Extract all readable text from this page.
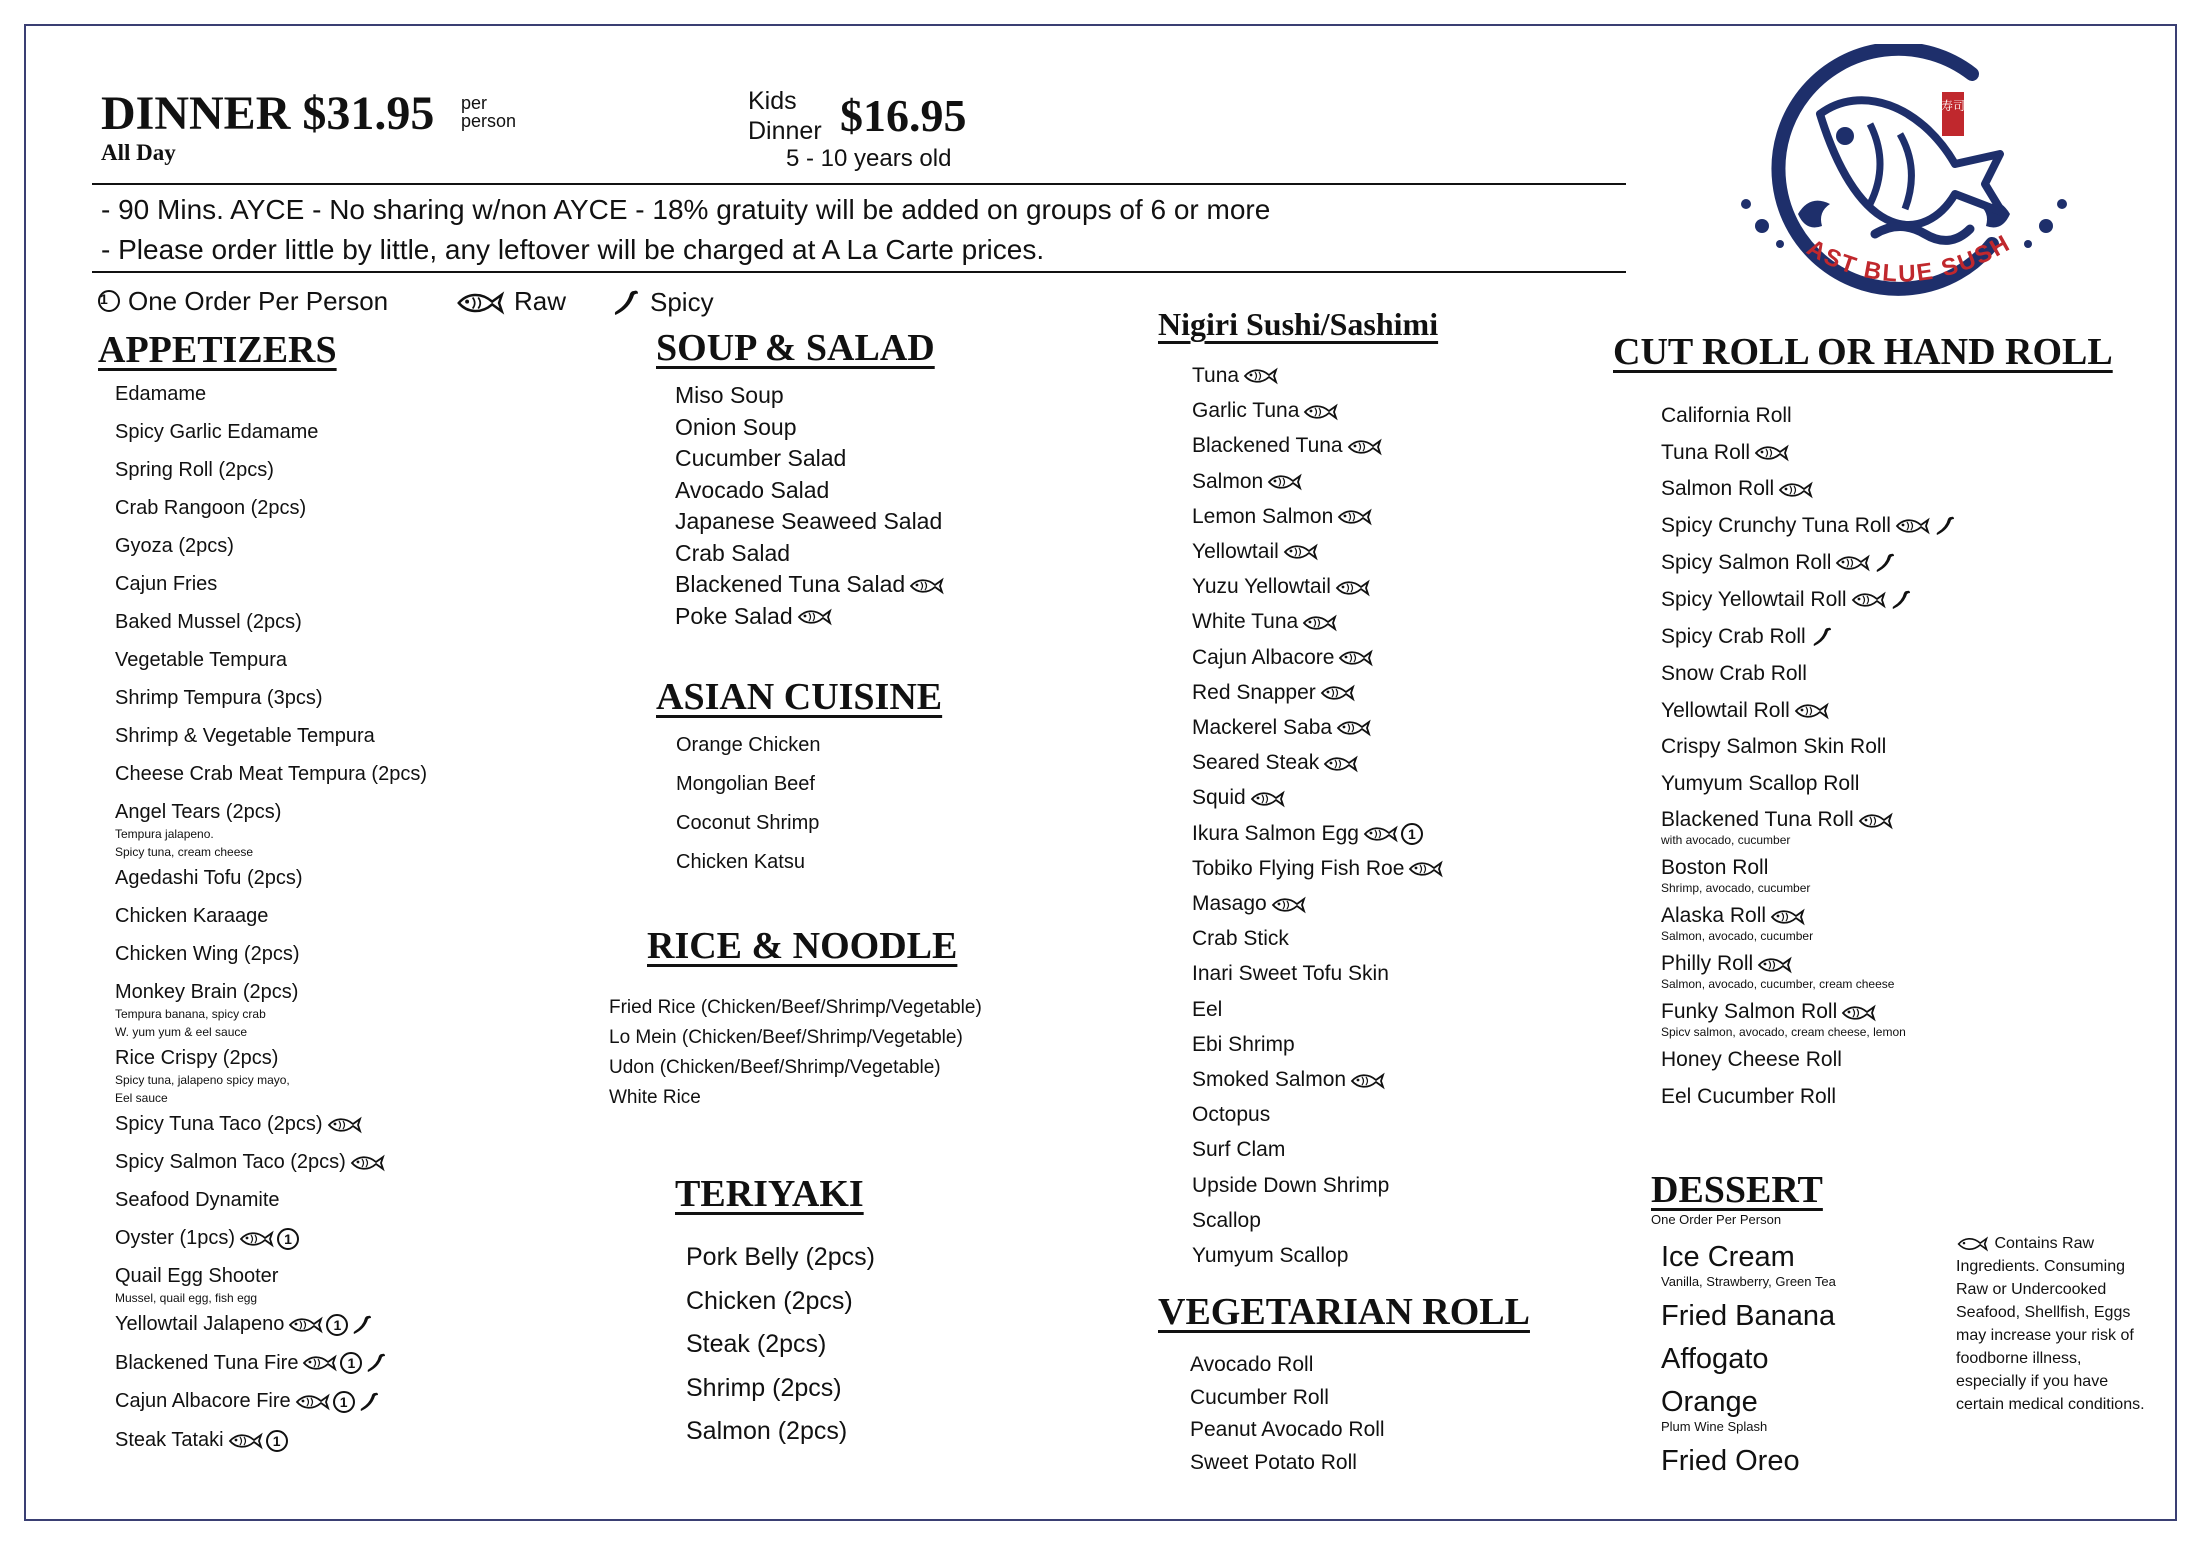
DINNER $31.95 per
person
All Day
Kids
Dinner $16.95
5 - 10 years old
- 90 Mins. AYCE - No sharing w/non AYCE - 18% gratuity will be added on groups of 6 or more
- Please order little by little, any leftover will be charged at A La Carte prices.
1 One Order Per Person	Raw	Spicy
寿司
AST BLUE SUSH
APPETIZERS
Edamame
Spicy Garlic Edamame
Spring Roll (2pcs)
Crab Rangoon (2pcs)
Gyoza (2pcs)
Cajun Fries
Baked Mussel (2pcs)
Vegetable Tempura
Shrimp Tempura (3pcs)
Shrimp & Vegetable Tempura
Cheese Crab Meat Tempura (2pcs)
Angel Tears (2pcs)
Tempura jalapeno.
Spicy tuna, cream cheese
Agedashi Tofu (2pcs)
Chicken Karaage
Chicken Wing (2pcs)
Monkey Brain (2pcs)
Tempura banana, spicy crab
W. yum yum & eel sauce
Rice Crispy (2pcs)
Spicy tuna, jalapeno spicy mayo,
Eel sauce
Spicy Tuna Taco (2pcs)
Spicy Salmon Taco (2pcs)
Seafood Dynamite
Oyster (1pcs)	1
Quail Egg Shooter
Mussel, quail egg, fish egg
Yellowtail Jalapeno	1
Blackened Tuna Fire	1
Cajun Albacore Fire	1
Steak Tataki	1
SOUP & SALAD
Miso Soup
Onion Soup
Cucumber Salad
Avocado Salad
Japanese Seaweed Salad
Crab Salad
Blackened Tuna Salad
Poke Salad
ASIAN CUISINE
Orange Chicken
Mongolian Beef
Coconut Shrimp
Chicken Katsu
RICE & NOODLE
Fried Rice (Chicken/Beef/Shrimp/Vegetable)
Lo Mein (Chicken/Beef/Shrimp/Vegetable)
Udon (Chicken/Beef/Shrimp/Vegetable)
White Rice
TERIYAKI
Pork Belly (2pcs)
Chicken (2pcs)
Steak (2pcs)
Shrimp (2pcs)
Salmon (2pcs)
Nigiri Sushi/Sashimi
Tuna
Garlic Tuna
Blackened Tuna
Salmon
Lemon Salmon
Yellowtail
Yuzu Yellowtail
White Tuna
Cajun Albacore
Red Snapper
Mackerel Saba
Seared Steak
Squid
Ikura Salmon Egg	1
Tobiko Flying Fish Roe
Masago
Crab Stick
Inari Sweet Tofu Skin
Eel
Ebi Shrimp
Smoked Salmon
Octopus
Surf Clam
Upside Down Shrimp
Scallop
Yumyum Scallop
VEGETARIAN ROLL
Avocado Roll
Cucumber Roll
Peanut Avocado Roll
Sweet Potato Roll
CUT ROLL OR HAND ROLL
California Roll
Tuna Roll
Salmon Roll
Spicy Crunchy Tuna Roll
Spicy Salmon Roll
Spicy Yellowtail Roll
Spicy Crab Roll
Snow Crab Roll
Yellowtail Roll
Crispy Salmon Skin Roll
Yumyum Scallop Roll
Blackened Tuna Roll
with avocado, cucumber
Boston Roll
Shrimp, avocado, cucumber
Alaska Roll
Salmon, avocado, cucumber
Philly Roll
Salmon, avocado, cucumber, cream cheese
Funky Salmon Roll
Spicv salmon, avocado, cream cheese, lemon
Honey Cheese Roll
Eel Cucumber Roll
DESSERT
One Order Per Person
Ice Cream
Vanilla, Strawberry, Green Tea
Fried Banana
Affogato
Orange
Plum Wine Splash
Fried Oreo
Contains Raw Ingredients. Consuming Raw or Undercooked Seafood, Shellfish, Eggs may increase your risk of foodborne illness, especially if you have certain medical conditions.
